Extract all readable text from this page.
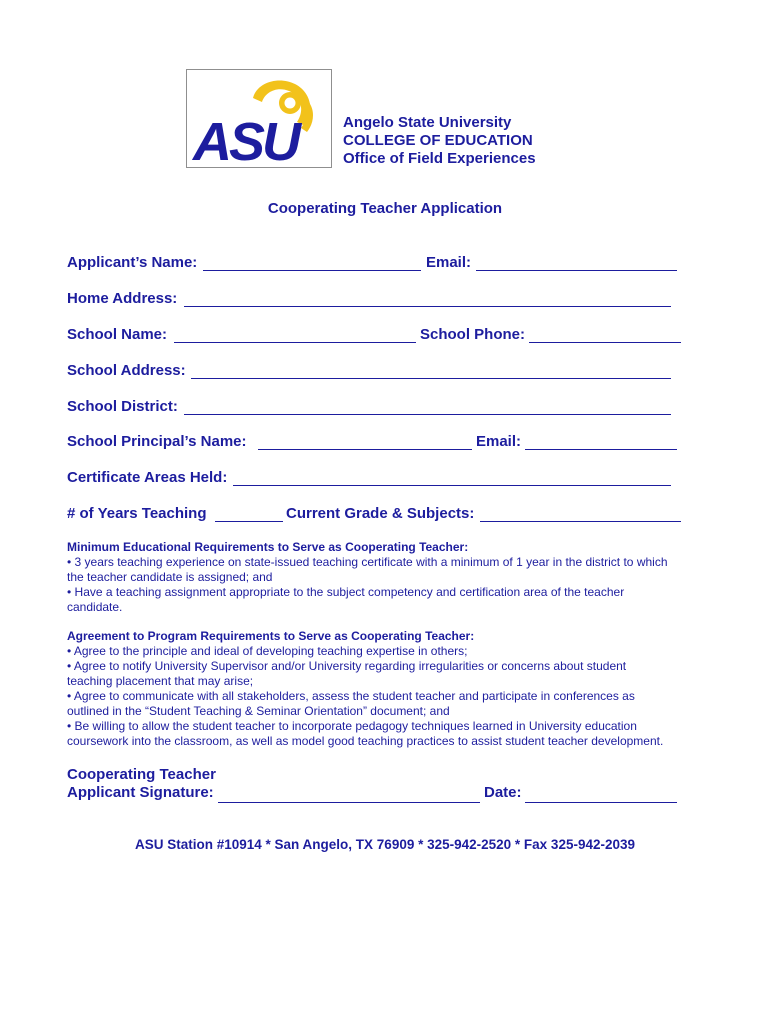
ASU	Angelo State University
COLLEGE OF EDUCATION
Office of Field Experiences
Cooperating Teacher Application
Applicant’s Name:	Email:
Home Address:
School Name:	School Phone:
School Address:
School District:
School Principal’s Name:	Email:
Certificate Areas Held:
# of Years Teaching	Current Grade & Subjects:
Minimum Educational Requirements to Serve as Cooperating Teacher:
• 3 years teaching experience on state-issued teaching certificate with a minimum of 1 year in the district to which
the teacher candidate is assigned; and
• Have a teaching assignment appropriate to the subject competency and certification area of the teacher
candidate.
Agreement to Program Requirements to Serve as Cooperating Teacher:
• Agree to the principle and ideal of developing teaching expertise in others;
• Agree to notify University Supervisor and/or University regarding irregularities or concerns about student
teaching placement that may arise;
• Agree to communicate with all stakeholders, assess the student teacher and participate in conferences as
outlined in the “Student Teaching & Seminar Orientation” document; and
• Be willing to allow the student teacher to incorporate pedagogy techniques learned in University education
coursework into the classroom, as well as model good teaching practices to assist student teacher development.
Cooperating Teacher
Applicant Signature:	Date:
ASU Station #10914 * San Angelo, TX 76909 * 325-942-2520 * Fax 325-942-2039
